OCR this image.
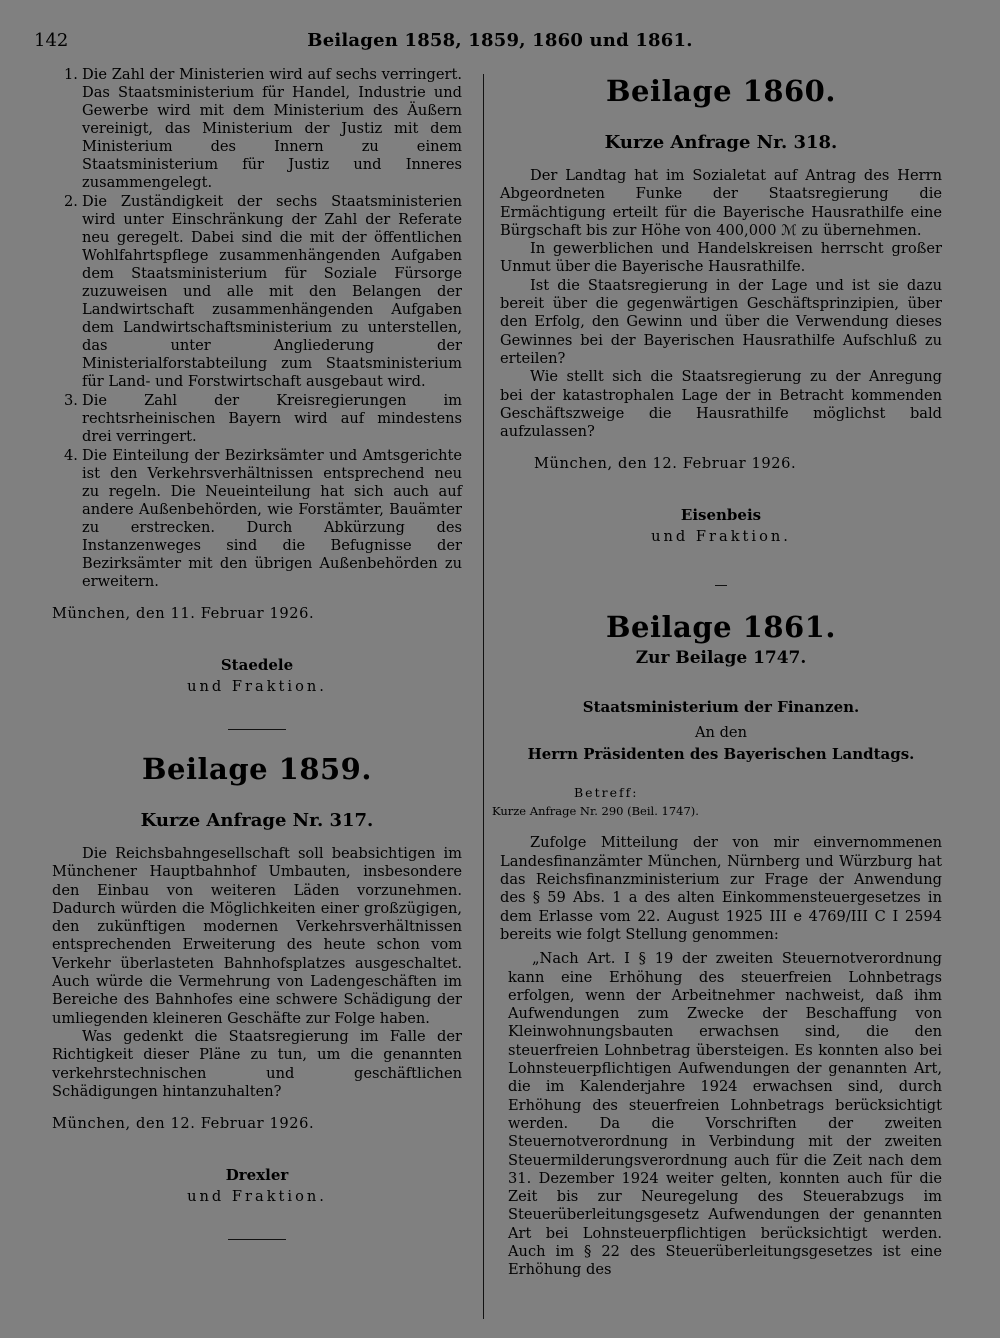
142	Beilagen 1858, 1859, 1860 und 1861.
1. Die Zahl der Ministerien wird auf sechs verringert. Das Staatsministerium für Handel, Industrie und Gewerbe wird mit dem Ministerium des Äußern vereinigt, das Ministerium der Justiz mit dem Ministerium des Innern zu einem Staatsministerium für Justiz und Inneres zusammengelegt.
2. Die Zuständigkeit der sechs Staatsministerien wird unter Einschränkung der Zahl der Referate neu geregelt. Dabei sind die mit der öffentlichen Wohlfahrtspflege zusammenhängenden Aufgaben dem Staatsministerium für Soziale Fürsorge zuzuweisen und alle mit den Belangen der Landwirtschaft zusammenhängenden Aufgaben dem Landwirtschaftsministerium zu unterstellen, das unter Angliederung der Ministerialforstabteilung zum Staatsministerium für Land- und Forstwirtschaft ausgebaut wird.
3. Die Zahl der Kreisregierungen im rechtsrheinischen Bayern wird auf mindestens drei verringert.
4. Die Einteilung der Bezirksämter und Amtsgerichte ist den Verkehrsverhältnissen entsprechend neu zu regeln. Die Neueinteilung hat sich auch auf andere Außenbehörden, wie Forstämter, Bauämter zu erstrecken. Durch Abkürzung des Instanzenweges sind die Befugnisse der Bezirksämter mit den übrigen Außenbehörden zu erweitern.
München, den 11. Februar 1926.
Staedele
und Fraktion.
Beilage 1859.
Kurze Anfrage Nr. 317.

Die Reichsbahngesellschaft soll beabsichtigen im Münchener Hauptbahnhof Umbauten, insbesondere den Einbau von weiteren Läden vorzunehmen. Dadurch würden die Möglichkeiten einer großzügigen, den zukünftigen modernen Verkehrsverhältnissen entsprechenden Erweiterung des heute schon vom Verkehr überlasteten Bahnhofsplatzes ausgeschaltet. Auch würde die Vermehrung von Ladengeschäften im Bereiche des Bahnhofes eine schwere Schädigung der umliegenden kleineren Geschäfte zur Folge haben.

Was gedenkt die Staatsregierung im Falle der Richtigkeit dieser Pläne zu tun, um die genannten verkehrstechnischen und geschäftlichen Schädigungen hintanzuhalten?

München, den 12. Februar 1926.
Drexler
und Fraktion.
Beilage 1860.
Kurze Anfrage Nr. 318.

Der Landtag hat im Sozialetat auf Antrag des Herrn Abgeordneten Funke der Staatsregierung die Ermächtigung erteilt für die Bayerische Hausrathilfe eine Bürgschaft bis zur Höhe von 400,000 ℳ zu übernehmen.

In gewerblichen und Handelskreisen herrscht großer Unmut über die Bayerische Hausrathilfe.

Ist die Staatsregierung in der Lage und ist sie dazu bereit über die gegenwärtigen Geschäftsprinzipien, über den Erfolg, den Gewinn und über die Verwendung dieses Gewinnes bei der Bayerischen Hausrathilfe Aufschluß zu erteilen?

Wie stellt sich die Staatsregierung zu der Anregung bei der katastrophalen Lage der in Betracht kommenden Geschäftszweige die Hausrathilfe möglichst bald aufzulassen?

München, den 12. Februar 1926.
Eisenbeis
und Fraktion.
Beilage 1861.
Zur Beilage 1747.
Staatsministerium der Finanzen.
An den
Herrn Präsidenten des Bayerischen Landtags.
Betreff:
Kurze Anfrage Nr. 290 (Beil. 1747).

Zufolge Mitteilung der von mir einvernommenen Landesfinanzämter München, Nürnberg und Würzburg hat das Reichsfinanzministerium zur Frage der Anwendung des § 59 Abs. 1 a des alten Einkommensteuergesetzes in dem Erlasse vom 22. August 1925 III e 4769/III C I 2594 bereits wie folgt Stellung genommen:

„Nach Art. I § 19 der zweiten Steuernotverordnung kann eine Erhöhung des steuerfreien Lohnbetrags erfolgen, wenn der Arbeitnehmer nachweist, daß ihm Aufwendungen zum Zwecke der Beschaffung von Kleinwohnungsbauten erwachsen sind, die den steuerfreien Lohnbetrag übersteigen. Es konnten also bei Lohnsteuerpflichtigen Aufwendungen der genannten Art, die im Kalenderjahre 1924 erwachsen sind, durch Erhöhung des steuerfreien Lohnbetrags berücksichtigt werden. Da die Vorschriften der zweiten Steuernotverordnung in Verbindung mit der zweiten Steuermilderungsverordnung auch für die Zeit nach dem 31. Dezember 1924 weiter gelten, konnten auch für die Zeit bis zur Neuregelung des Steuerabzugs im Steuerüberleitungsgesetz Aufwendungen der genannten Art bei Lohnsteuerpflichtigen berücksichtigt werden. Auch im § 22 des Steuerüberleitungsgesetzes ist eine Erhöhung des
